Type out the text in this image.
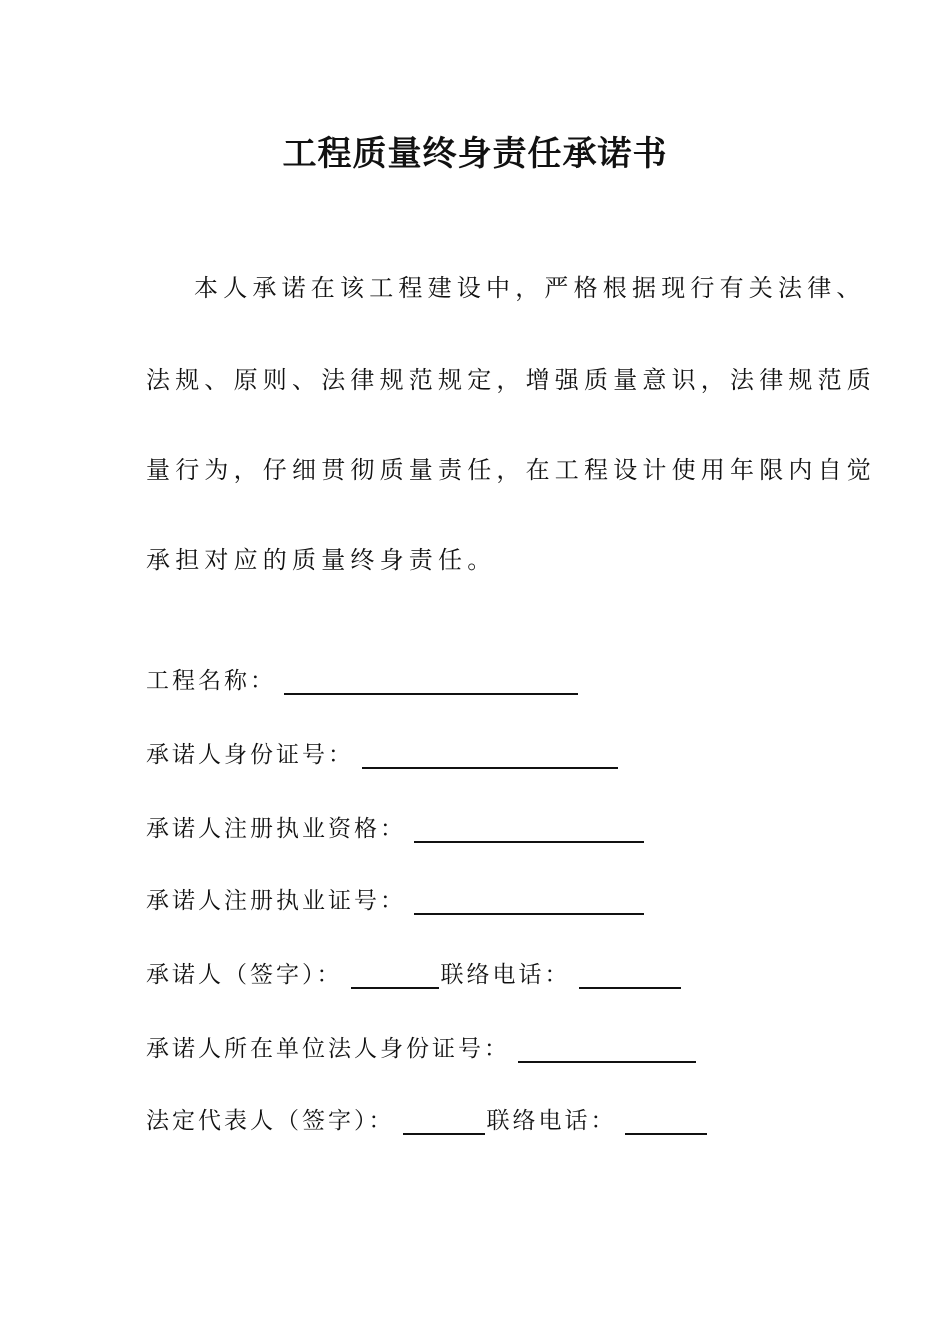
工程质量终身责任承诺书
本人承诺在该工程建设中，严格根据现行有关法律、
法规、原则、法律规范规定，增强质量意识，法律规范质
量行为，仔细贯彻质量责任，在工程设计使用年限内自觉
承担对应的质量终身责任。
工程名称：
承诺人身份证号：
承诺人注册执业资格：
承诺人注册执业证号：
承诺人（签字）：	联络电话：
承诺人所在单位法人身份证号：
法定代表人（签字）：	联络电话：
